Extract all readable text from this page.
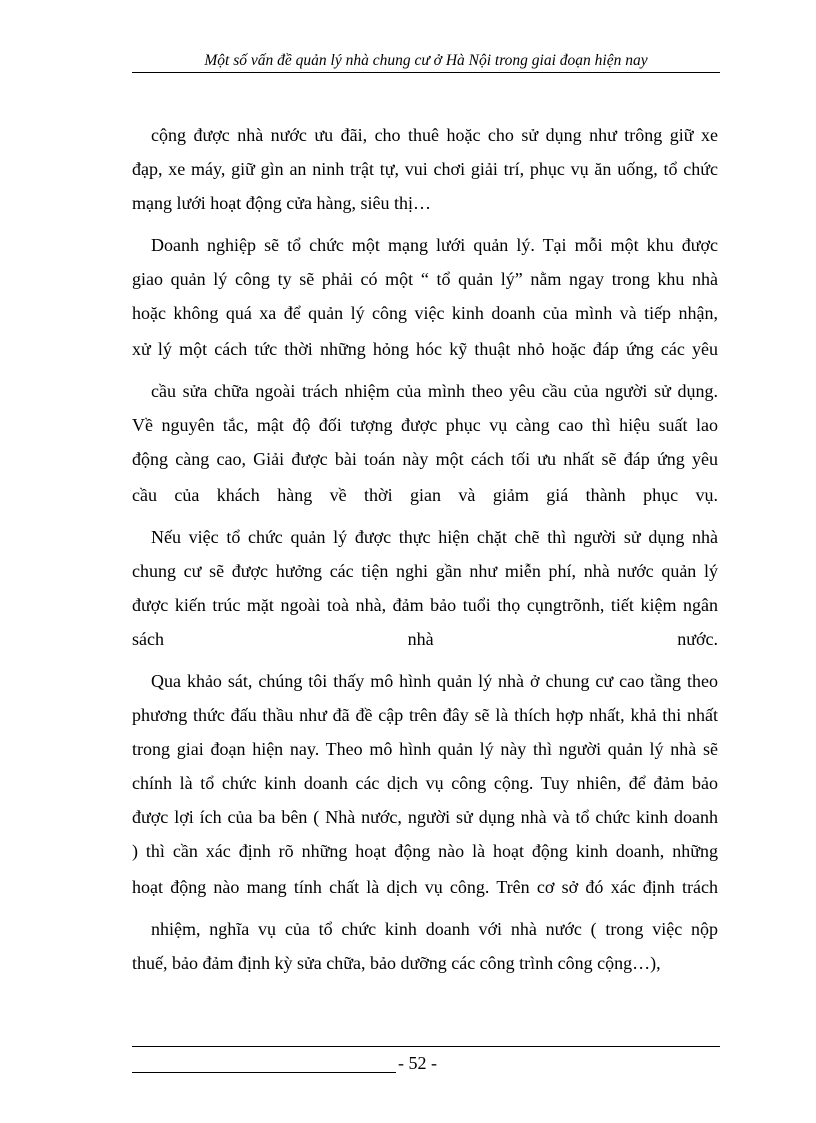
Một số vấn đề quản lý nhà chung cư ở Hà Nội trong giai đoạn hiện nay
cộng được nhà nước ưu đãi, cho thuê hoặc cho sử dụng như trông giữ xe
đạp, xe máy, giữ gìn an ninh trật tự, vui chơi giải trí, phục vụ ăn uống, tổ chức
mạng lưới hoạt động cửa hàng, siêu thị…
Doanh nghiệp sẽ tổ chức một mạng lưới quản lý. Tại mỗi một khu được
giao quản lý công ty sẽ phải có một “ tổ quản lý” nằm ngay trong khu nhà
hoặc không quá xa để quản lý công việc kinh doanh của mình và tiếp nhận,
xử lý một cách tức thời những hỏng hóc kỹ thuật nhỏ hoặc đáp ứng các yêu
cầu sửa chữa ngoài trách nhiệm của mình theo yêu cầu của người sử dụng.
Về nguyên tắc, mật độ đối tượng được phục vụ càng cao thì hiệu suất lao
động càng cao, Giải được bài toán này một cách tối ưu nhất sẽ đáp ứng yêu
cầu của khách hàng về thời gian và giảm giá thành phục vụ.
Nếu việc tổ chức quản lý được thực hiện chặt chẽ thì người sử dụng nhà
chung cư sẽ được hưởng các tiện nghi gần như miễn phí, nhà nước quản lý
được kiến trúc mặt ngoài toà nhà, đảm bảo tuổi thọ cụngtrõnh, tiết kiệm ngân
sách nhà nước.
Qua khảo sát, chúng tôi thấy mô hình quản lý nhà ở chung cư cao tầng theo
phương thức đấu thầu như đã đề cập trên đây sẽ là thích hợp nhất, khả thi nhất
trong giai đoạn hiện nay. Theo mô hình quản lý này thì người quản lý nhà sẽ
chính là tổ chức kinh doanh các dịch vụ công cộng. Tuy nhiên, để đảm bảo
được lợi ích của ba bên ( Nhà nước, người sử dụng nhà và tổ chức kinh doanh
) thì cần xác định rõ những hoạt động nào là hoạt động kinh doanh, những
hoạt động nào mang tính chất là dịch vụ công. Trên cơ sở đó xác định trách
nhiệm, nghĩa vụ của tổ chức kinh doanh với nhà nước ( trong việc nộp
thuế, bảo đảm định kỳ sửa chữa, bảo dưỡng các công trình công cộng…),
- 52 -
